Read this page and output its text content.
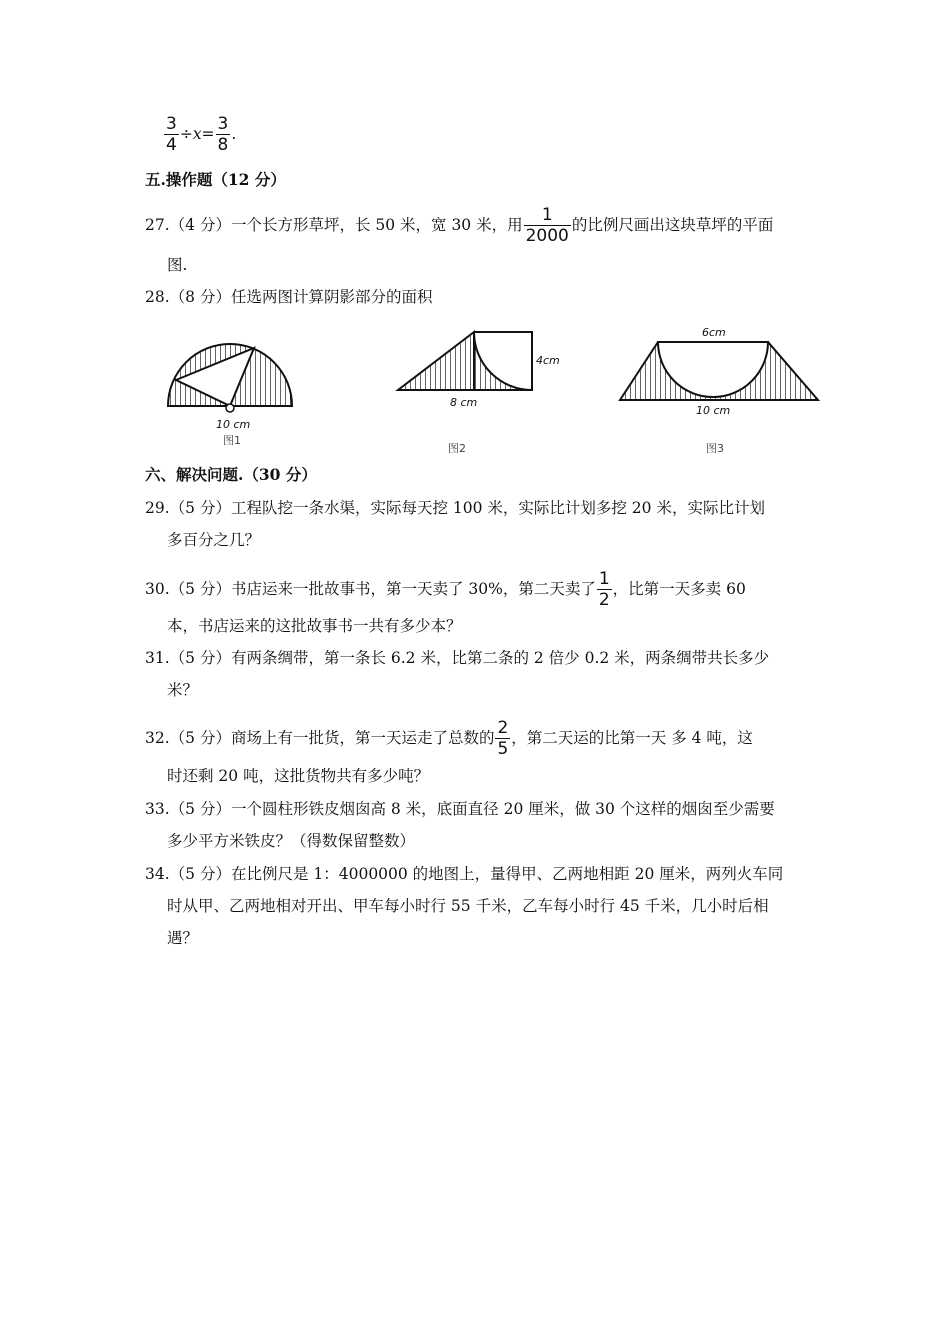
$\frac{3}{4} \div x= \frac{3}{8}$ .
五.操作题（12 分）
27.（4 分）一个长方形草坪，长 50 米，宽 30 米，用 $\frac{1}{2000}$ 的比例尺画出这块草坪的平面
图.
28.（8 分）任选两图计算阴影部分的面积
10 cm
图1
4cm
8 cm
图2
6cm
10 cm
图3
六、解决问题.（30 分）
29.（5 分）工程队挖一条水渠，实际每天挖 100 米，实际比计划多挖 20 米，实际比计划
多百分之几？
30.（5 分）书店运来一批故事书，第一天卖了 30%，第二天卖了 $\frac{1}{2}$ ，比第一天多卖 60
本，书店运来的这批故事书一共有多少本？
31.（5 分）有两条绸带，第一条长 6.2 米，比第二条的 2 倍少 0.2 米，两条绸带共长多少
米？
32.（5 分）商场上有一批货，第一天运走了总数的 $\frac{2}{5}$ ，第二天运的比第一天 多 4 吨，这
时还剩 20 吨，这批货物共有多少吨？
33.（5 分）一个圆柱形铁皮烟囱高 8 米，底面直径 20 厘米，做 30 个这样的烟囱至少需要
多少平方米铁皮？（得数保留整数）
34.（5 分）在比例尺是 1：4000000 的地图上，量得甲、乙两地相距 20 厘米，两列火车同
时从甲、乙两地相对开出、甲车每小时行 55 千米，乙车每小时行 45 千米，几小时后相
遇？
